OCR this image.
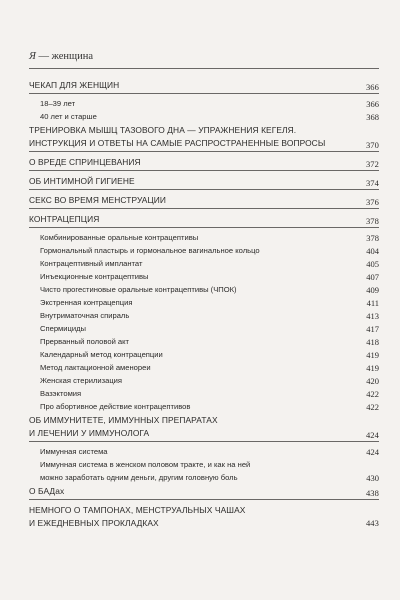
Я — женщина
ЧЕКАП ДЛЯ ЖЕНЩИН	366
18–39 лет	366
40 лет и старше	368
ТРЕНИРОВКА МЫШЦ ТАЗОВОГО ДНА — УПРАЖНЕНИЯ КЕГЕЛЯ.
ИНСТРУКЦИЯ И ОТВЕТЫ НА САМЫЕ РАСПРОСТРАНЕННЫЕ ВОПРОСЫ	370
О ВРЕДЕ СПРИНЦЕВАНИЯ	372
ОБ ИНТИМНОЙ ГИГИЕНЕ	374
СЕКС ВО ВРЕМЯ МЕНСТРУАЦИИ	376
КОНТРАЦЕПЦИЯ	378
Комбинированные оральные контрацептивы	378
Гормональный пластырь и гормональное вагинальное кольцо	404
Контрацептивный имплантат	405
Инъекционные контрацептивы	407
Чисто прогестиновые оральные контрацептивы (ЧПОК)	409
Экстренная контрацепция	411
Внутриматочная спираль	413
Спермициды	417
Прерванный половой акт	418
Календарный метод контрацепции	419
Метод лактационной аменореи	419
Женская стерилизация	420
Вазэктомия	422
Про абортивное действие контрацептивов	422
ОБ ИММУНИТЕТЕ, ИММУННЫХ ПРЕПАРАТАХ
И ЛЕЧЕНИИ У ИММУНОЛОГА	424
Иммунная система	424
Иммунная система в женском половом тракте, и как на ней
можно заработать одним деньги, другим головную боль	430
О БАДах	438
НЕМНОГО О ТАМПОНАХ, МЕНСТРУАЛЬНЫХ ЧАШАХ
И ЕЖЕДНЕВНЫХ ПРОКЛАДКАХ	443
